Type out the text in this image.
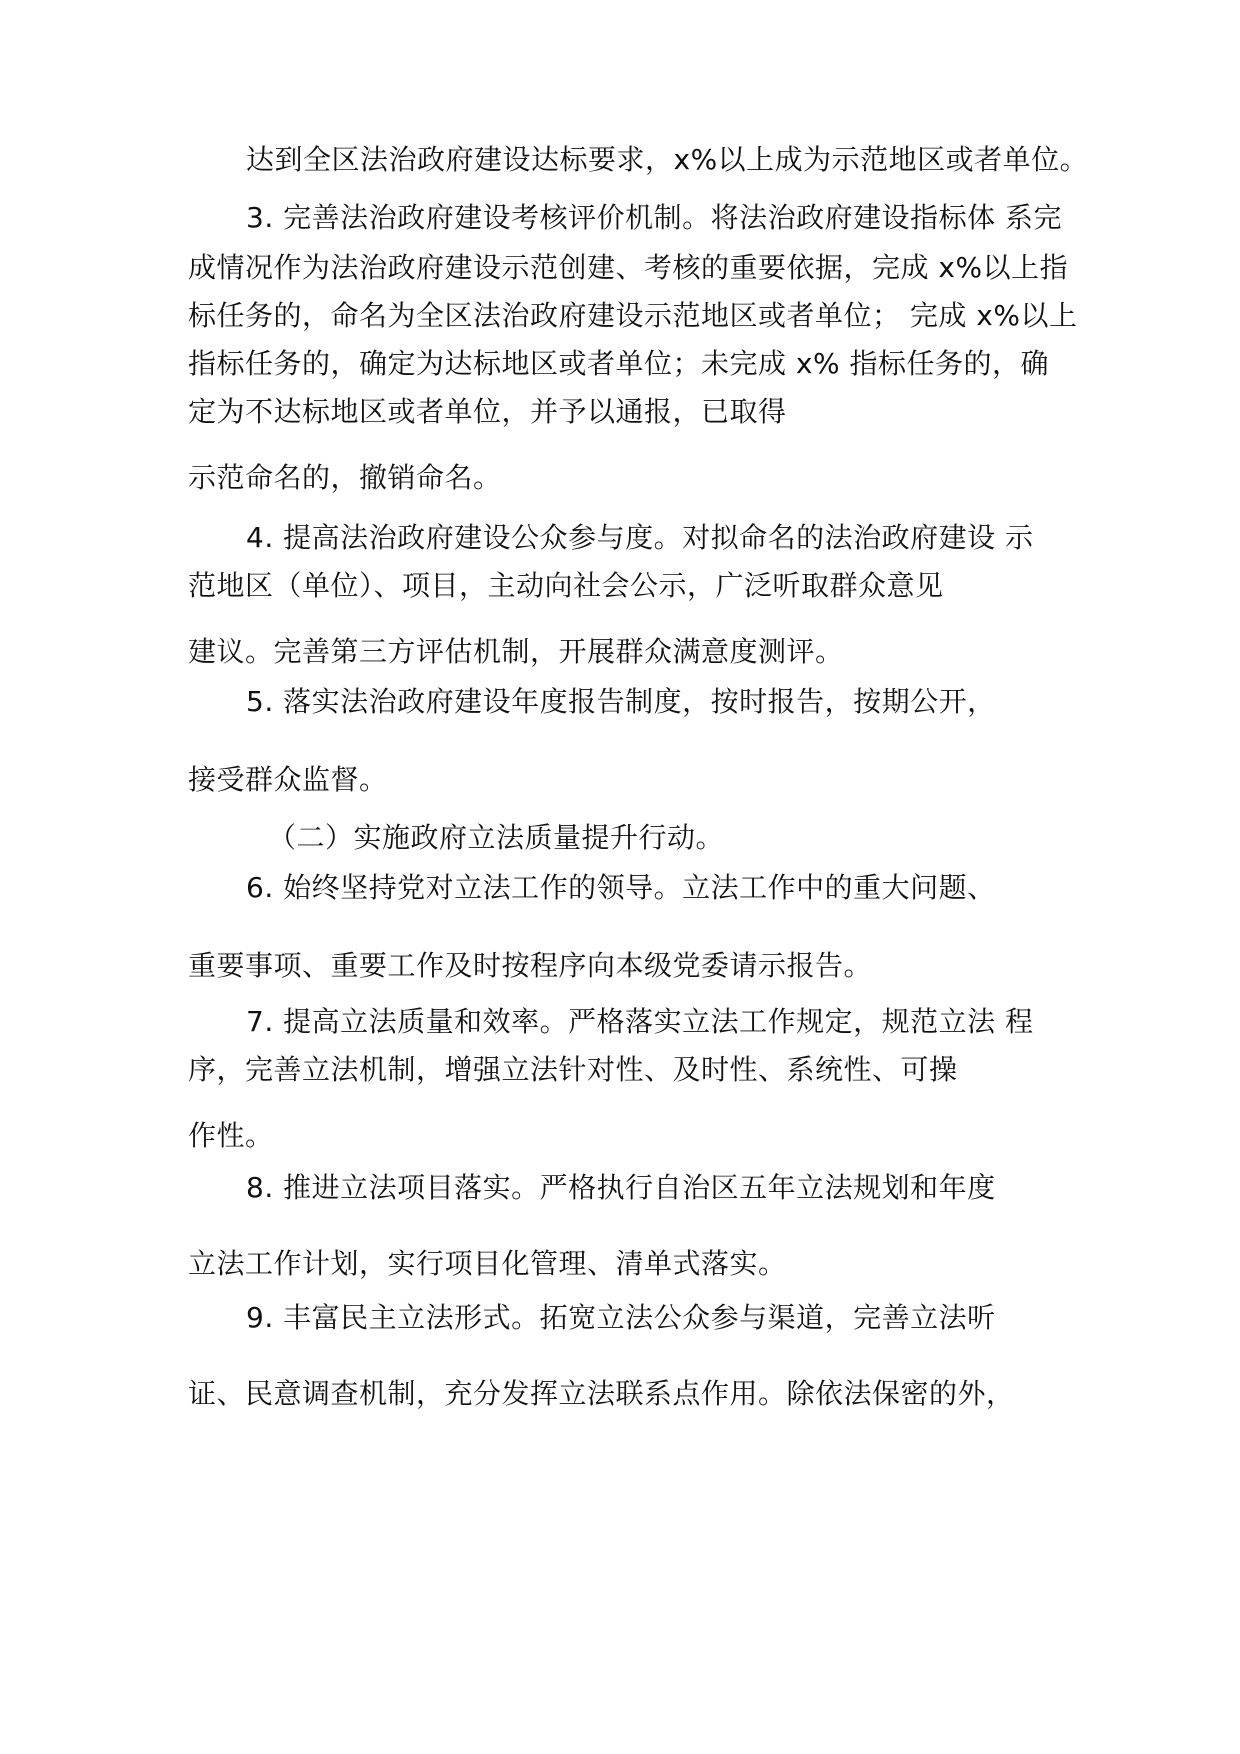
达到全区法治政府建设达标要求，x%以上成为示范地区或者单位。
3. 完善法治政府建设考核评价机制。将法治政府建设指标体 系完
成情况作为法治政府建设示范创建、考核的重要依据，完成 x%以上指
标任务的，命名为全区法治政府建设示范地区或者单位； 完成 x%以上
指标任务的，确定为达标地区或者单位；未完成 x% 指标任务的，确
定为不达标地区或者单位，并予以通报，已取得
示范命名的，撤销命名。
4. 提高法治政府建设公众参与度。对拟命名的法治政府建设 示
范地区（单位）、项目，主动向社会公示，广泛听取群众意见
建议。完善第三方评估机制，开展群众满意度测评。
5. 落实法治政府建设年度报告制度，按时报告，按期公开，
接受群众监督。
（二）实施政府立法质量提升行动。
6. 始终坚持党对立法工作的领导。立法工作中的重大问题、
重要事项、重要工作及时按程序向本级党委请示报告。
7. 提高立法质量和效率。严格落实立法工作规定，规范立法 程
序，完善立法机制，增强立法针对性、及时性、系统性、可操
作性。
8. 推进立法项目落实。严格执行自治区五年立法规划和年度
立法工作计划，实行项目化管理、清单式落实。
9. 丰富民主立法形式。拓宽立法公众参与渠道，完善立法听
证、民意调查机制，充分发挥立法联系点作用。除依法保密的外，
